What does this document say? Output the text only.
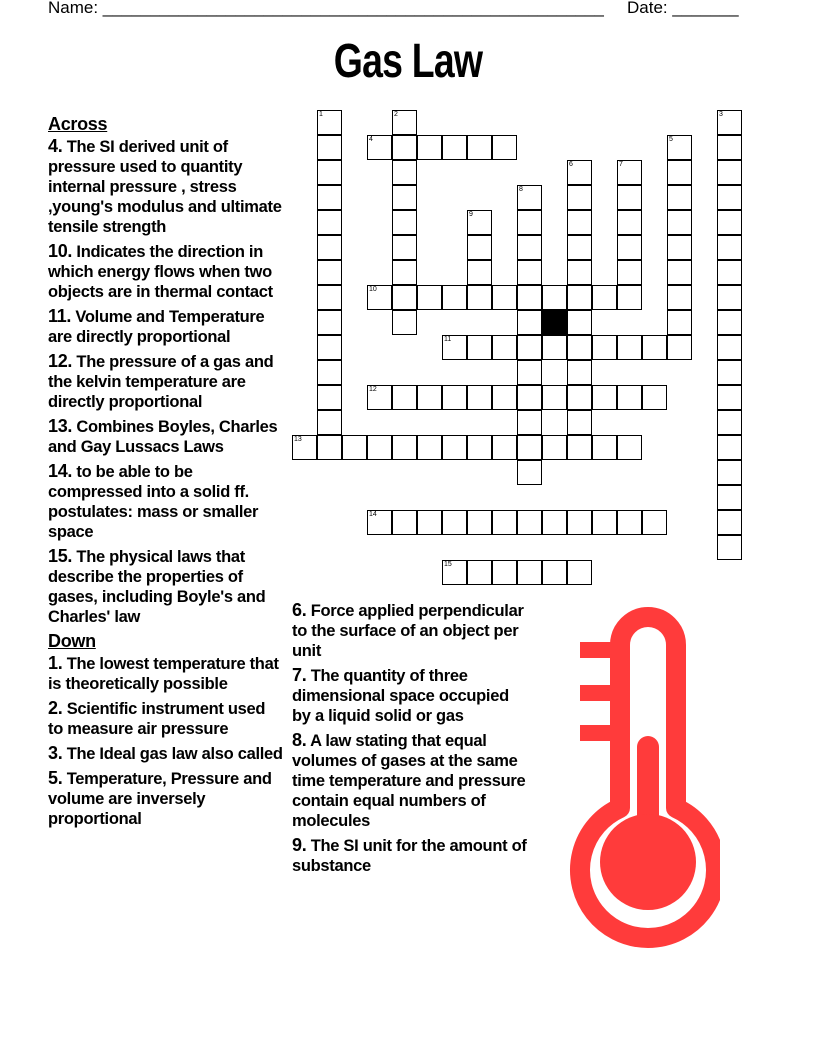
Name: _____________________________________________________ Date: _______
Gas Law
Across
4. The SI derived unit of pressure used to quantity internal pressure , stress ,young's modulus and ultimate tensile strength
10. Indicates the direction in which energy flows when two objects are in thermal contact
11. Volume and Temperature are directly proportional
12. The pressure of a gas and the kelvin temperature are directly proportional
13. Combines Boyles, Charles and Gay Lussacs Laws
14. to be able to be compressed into a solid ff. postulates: mass or smaller space
15. The physical laws that describe the properties of gases, including Boyle's and Charles' law
Down
1. The lowest temperature that is theoretically possible
2. Scientific instrument used to measure air pressure
3. The Ideal gas law also called
5. Temperature, Pressure and volume are inversely proportional
6. Force applied perpendicular to the surface of an object per unit
7. The quantity of three dimensional space occupied by a liquid solid or gas
8. A law stating that equal volumes of gases at the same time temperature and pressure contain equal numbers of molecules
9. The SI unit for the amount of substance
1	2	3
4	5
6	7
8
9
10
11
12
13
14
15
